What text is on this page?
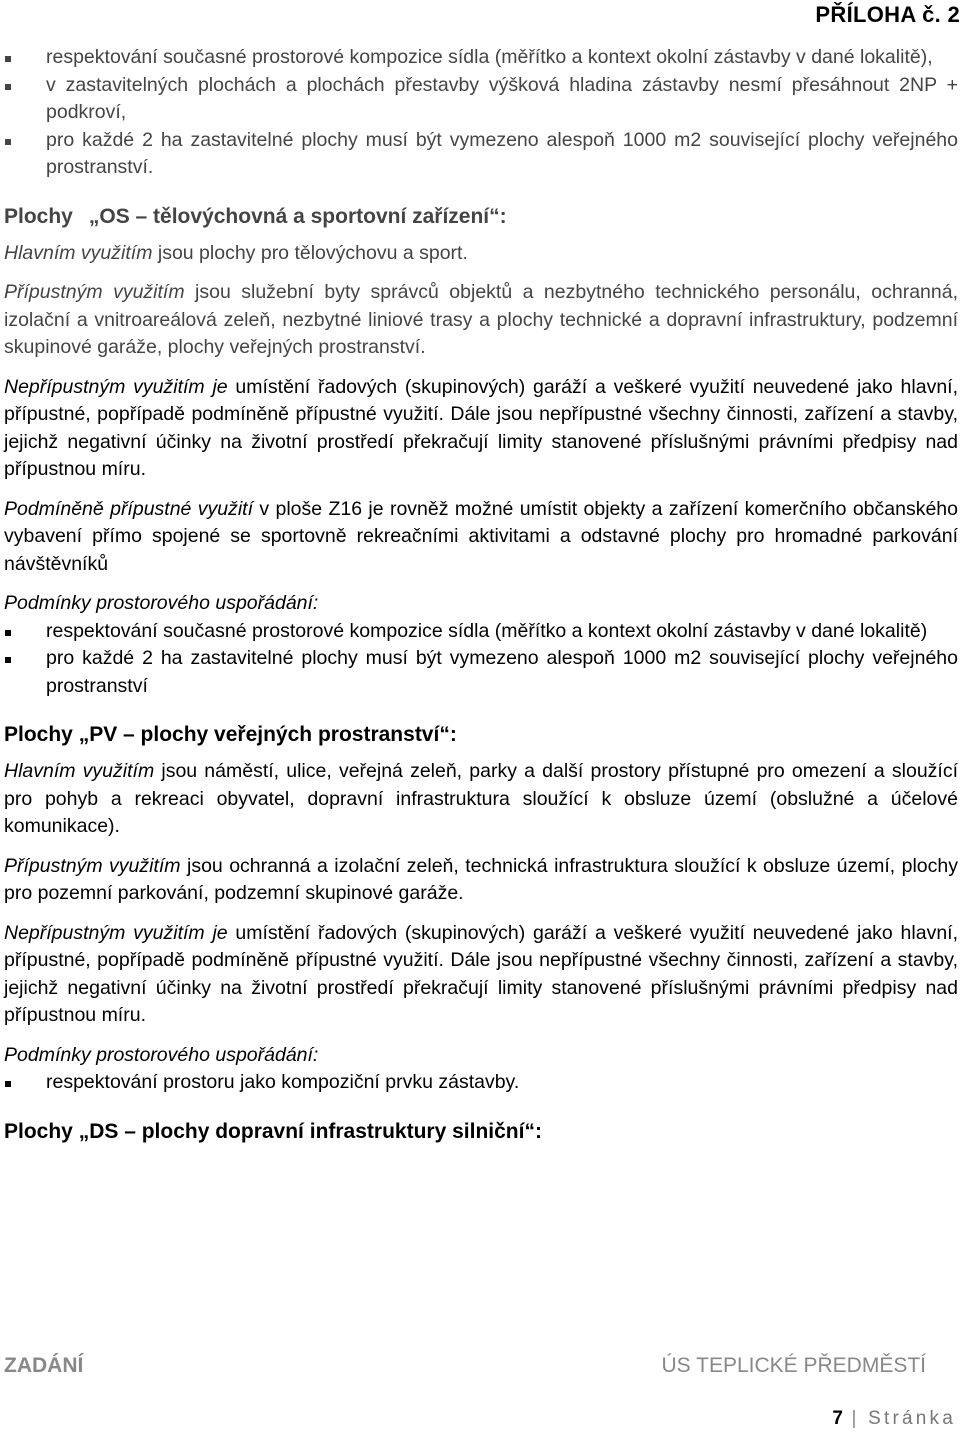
PŘÍLOHA č. 2
respektování současné prostorové kompozice sídla (měřítko a kontext okolní zástavby v dané lokalitě),
v zastavitelných plochách a plochách přestavby výšková hladina zástavby nesmí přesáhnout 2NP + podkroví,
pro každé 2 ha zastavitelné plochy musí být vymezeno alespoň 1000 m2 související plochy veřejného prostranství.
Plochy „OS – tělovýchovná a sportovní zařízení“:

Hlavním využitím jsou plochy pro tělovýchovu a sport.

Přípustným využitím jsou služební byty správců objektů a nezbytného technického personálu, ochranná, izolační a vnitroareálová zeleň, nezbytné liniové trasy a plochy technické a dopravní infrastruktury, podzemní skupinové garáže, plochy veřejných prostranství.

Nepřípustným využitím je umístění řadových (skupinových) garáží a veškeré využití neuvedené jako hlavní, přípustné, popřípadě podmíněně přípustné využití. Dále jsou nepřípustné všechny činnosti, zařízení a stavby, jejichž negativní účinky na životní prostředí překračují limity stanovené příslušnými právními předpisy nad přípustnou míru.

Podmíněně přípustné využití v ploše Z16 je rovněž možné umístit objekty a zařízení komerčního občanského vybavení přímo spojené se sportovně rekreačními aktivitami a odstavné plochy pro hromadné parkování návštěvníků

Podmínky prostorového uspořádání:

respektování současné prostorové kompozice sídla (měřítko a kontext okolní zástavby v dané lokalitě)
pro každé 2 ha zastavitelné plochy musí být vymezeno alespoň 1000 m2 související plochy veřejného prostranství
Plochy „PV – plochy veřejných prostranství“:

Hlavním využitím jsou náměstí, ulice, veřejná zeleň, parky a další prostory přístupné pro omezení a sloužící pro pohyb a rekreaci obyvatel, dopravní infrastruktura sloužící k obsluze území (obslužné a účelové komunikace).

Přípustným využitím jsou ochranná a izolační zeleň, technická infrastruktura sloužící k obsluze území, plochy pro pozemní parkování, podzemní skupinové garáže.

Nepřípustným využitím je umístění řadových (skupinových) garáží a veškeré využití neuvedené jako hlavní, přípustné, popřípadě podmíněně přípustné využití. Dále jsou nepřípustné všechny činnosti, zařízení a stavby, jejichž negativní účinky na životní prostředí překračují limity stanovené příslušnými právními předpisy nad přípustnou míru.

Podmínky prostorového uspořádání:

respektování prostoru jako kompoziční prvku zástavby.
Plochy „DS – plochy dopravní infrastruktury silniční“:
ZADÁNÍ	ÚS TEPLICKÉ PŘEDMĚSTÍ
7 | Stránka
